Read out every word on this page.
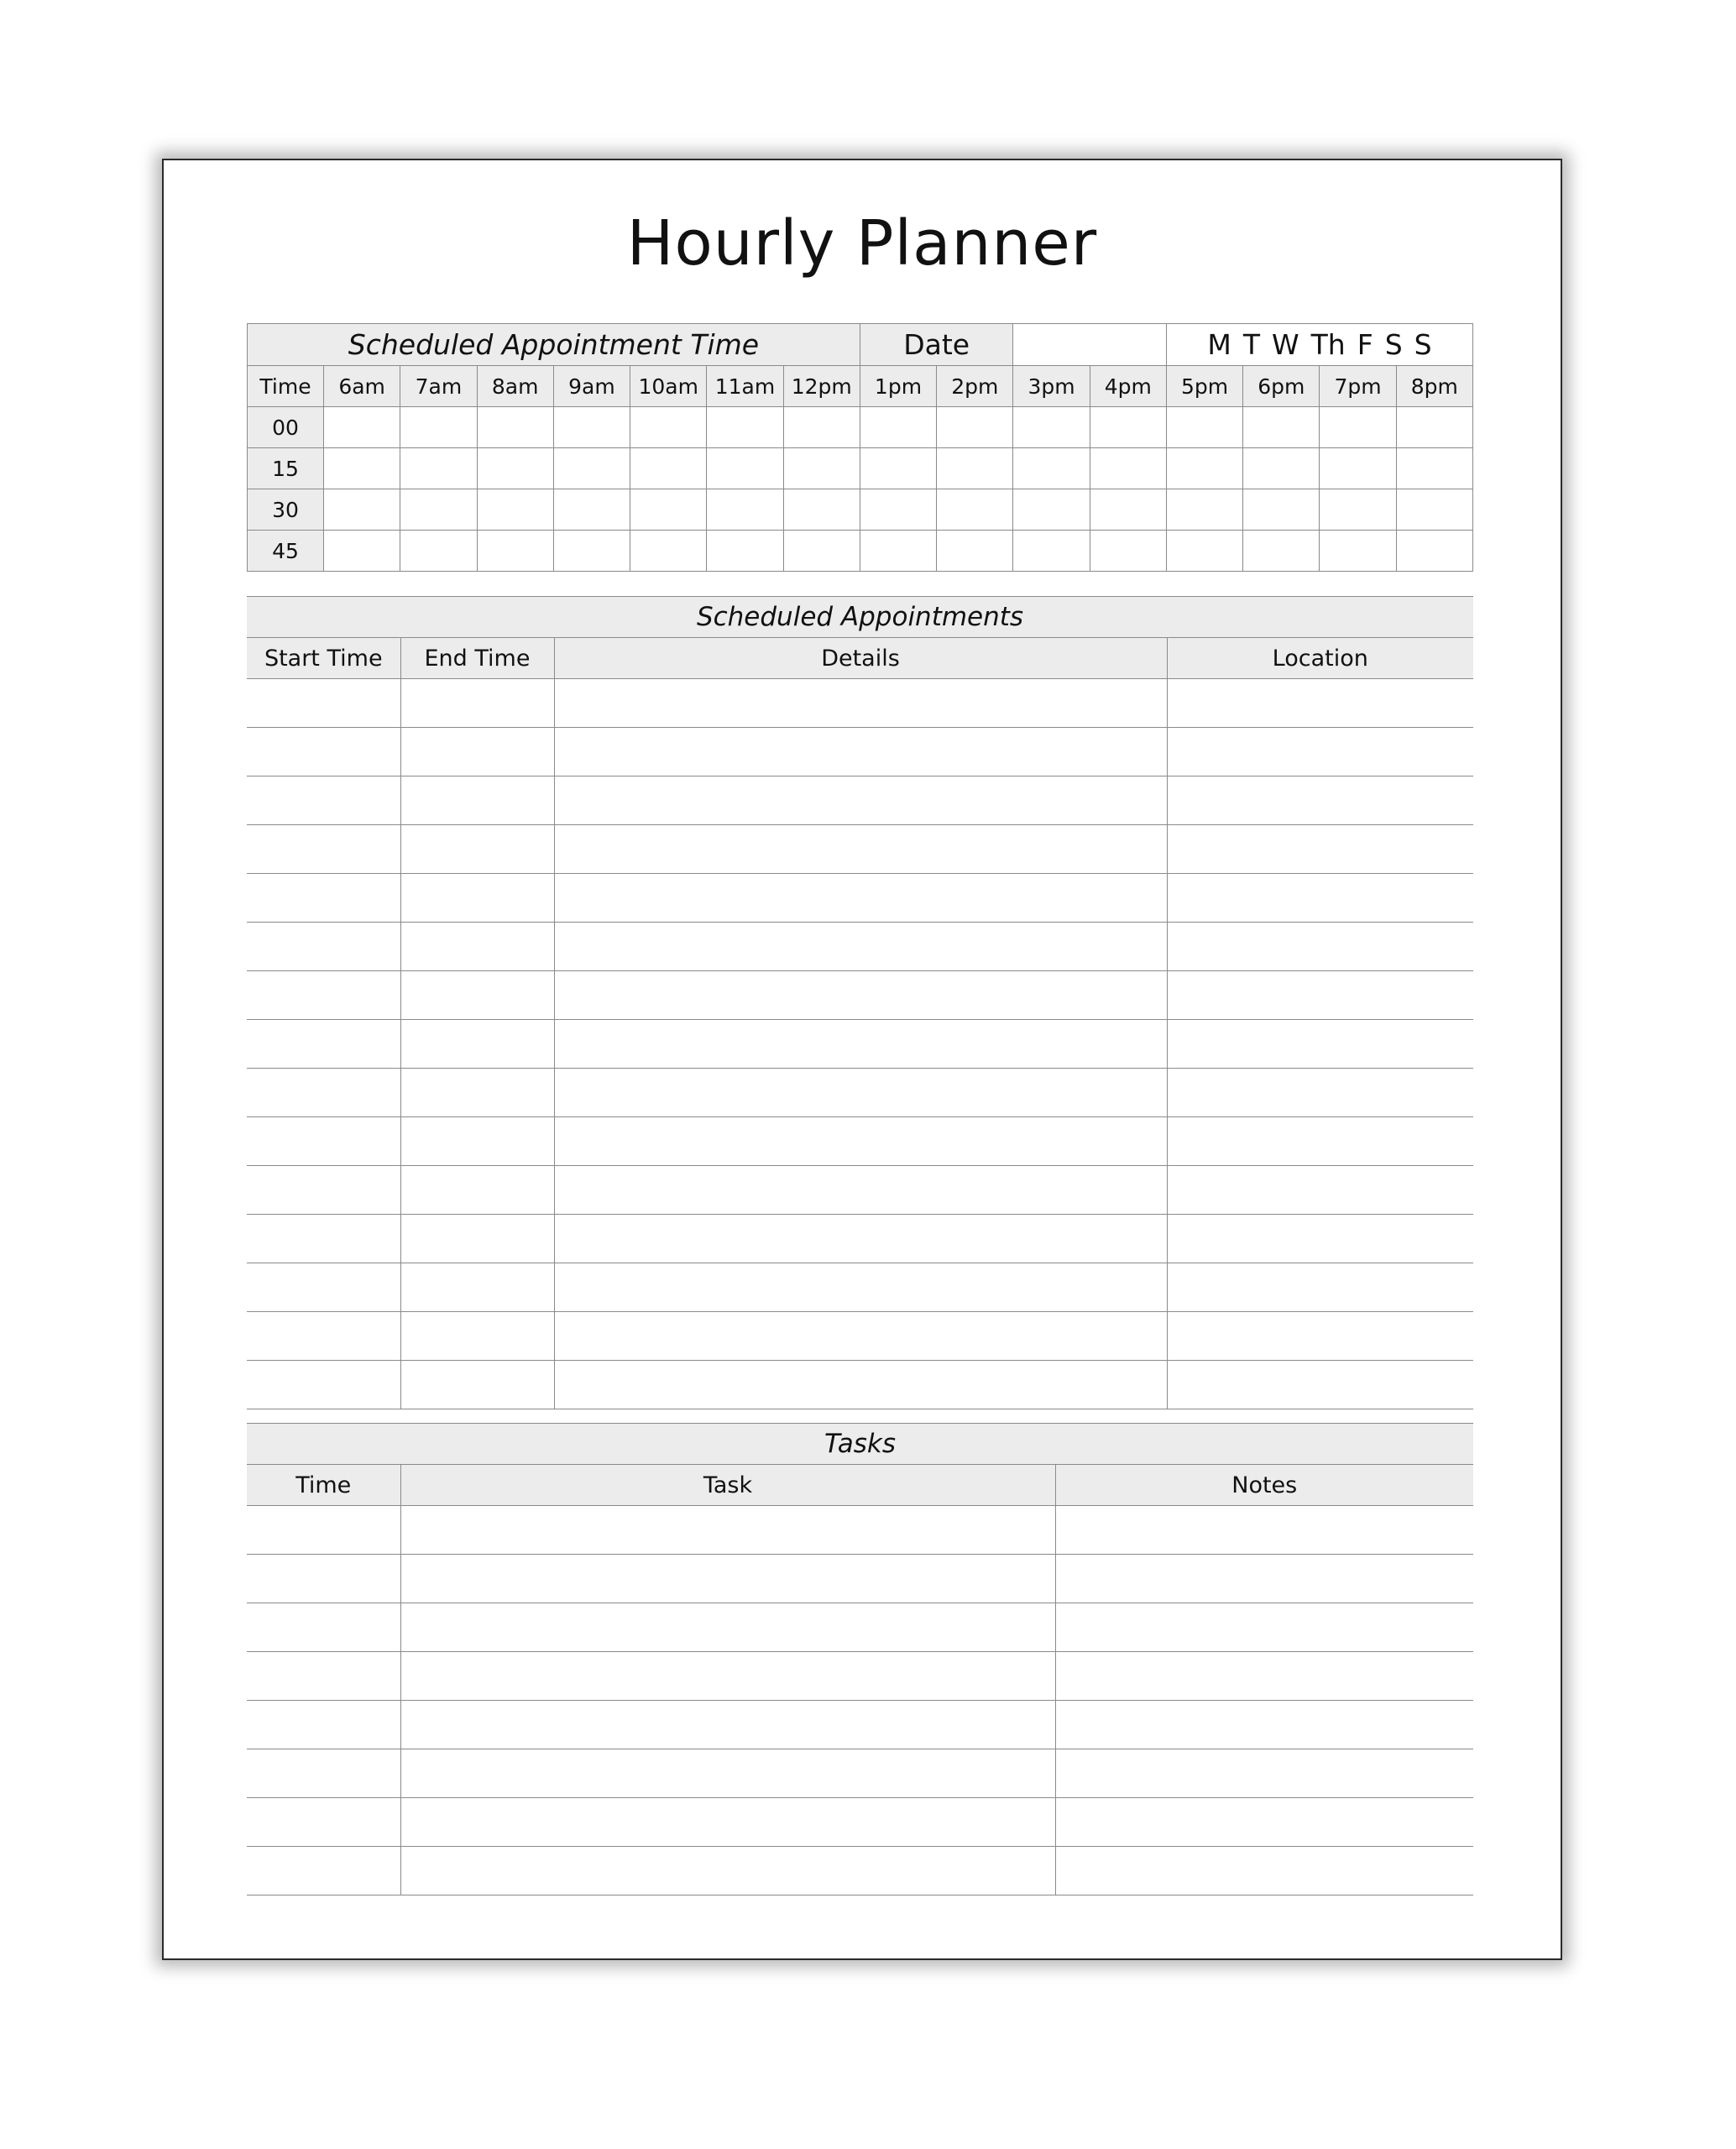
Hourly Planner
Scheduled Appointment Time								Date				M T W Th F S S			
Time	6am	7am	8am	9am	10am	11am	12pm	1pm	2pm	3pm	4pm	5pm	6pm	7pm	8pm
00															
15															
30															
45															
Scheduled Appointments			
Start Time	End Time	Details	Location

Tasks		
Time	Task	Notes
